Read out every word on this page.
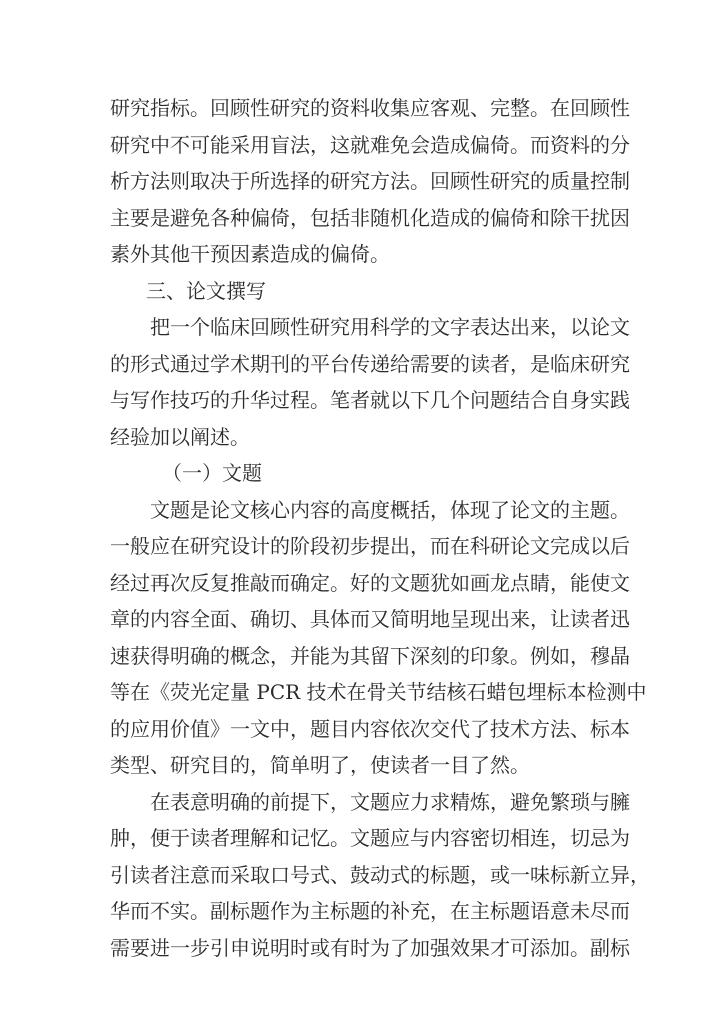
研究指标。回顾性研究的资料收集应客观、完整。在回顾性
研究中不可能采用盲法，这就难免会造成偏倚。而资料的分
析方法则取决于所选择的研究方法。回顾性研究的质量控制
主要是避免各种偏倚，包括非随机化造成的偏倚和除干扰因
素外其他干预因素造成的偏倚。
三、论文撰写
把一个临床回顾性研究用科学的文字表达出来，以论文
的形式通过学术期刊的平台传递给需要的读者，是临床研究
与写作技巧的升华过程。笔者就以下几个问题结合自身实践
经验加以阐述。
（一）文题
文题是论文核心内容的高度概括，体现了论文的主题。
一般应在研究设计的阶段初步提出，而在科研论文完成以后
经过再次反复推敲而确定。好的文题犹如画龙点睛，能使文
章的内容全面、确切、具体而又简明地呈现出来，让读者迅
速获得明确的概念，并能为其留下深刻的印象。例如，穆晶
等在《荧光定量 PCR 技术在骨关节结核石蜡包埋标本检测中
的应用价值》一文中，题目内容依次交代了技术方法、标本
类型、研究目的，简单明了，使读者一目了然。
在表意明确的前提下，文题应力求精炼，避免繁琐与臃
肿，便于读者理解和记忆。文题应与内容密切相连，切忌为
引读者注意而采取口号式、鼓动式的标题，或一味标新立异，
华而不实。副标题作为主标题的补充，在主标题语意未尽而
需要进一步引申说明时或有时为了加强效果才可添加。副标
